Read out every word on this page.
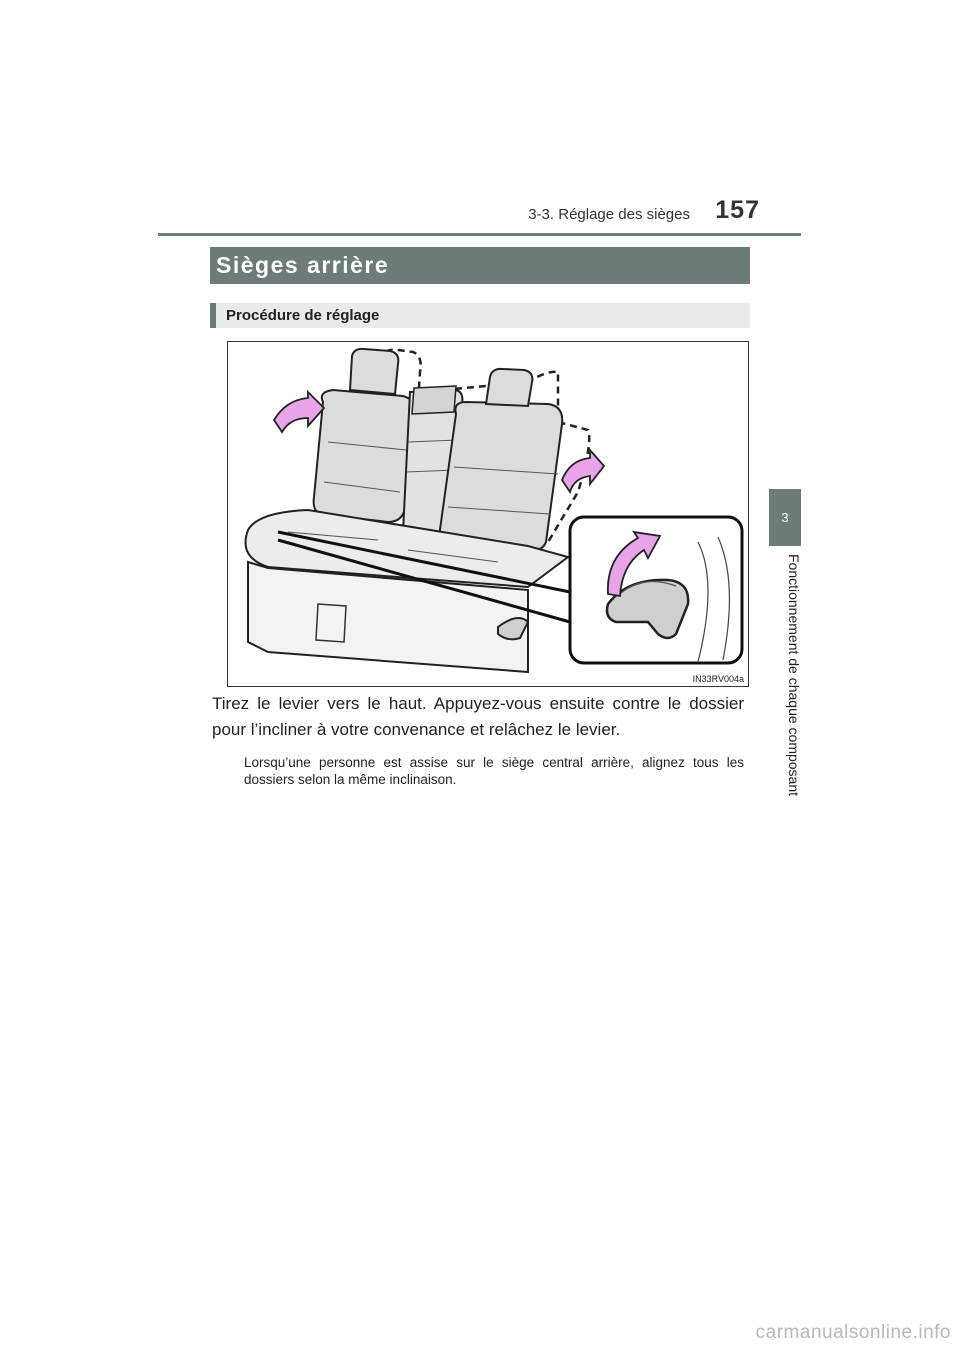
3-3. Réglage des sièges	157
3
Fonctionnement de chaque composant
Sièges arrière
Procédure de réglage
IN33RV004a
Tirez le levier vers le haut. Appuyez-vous ensuite contre le dossier pour l’incliner à votre convenance et relâchez le levier.
Lorsqu’une personne est assise sur le siège central arrière, alignez tous les dossiers selon la même inclinaison.
carmanualsonline.info
